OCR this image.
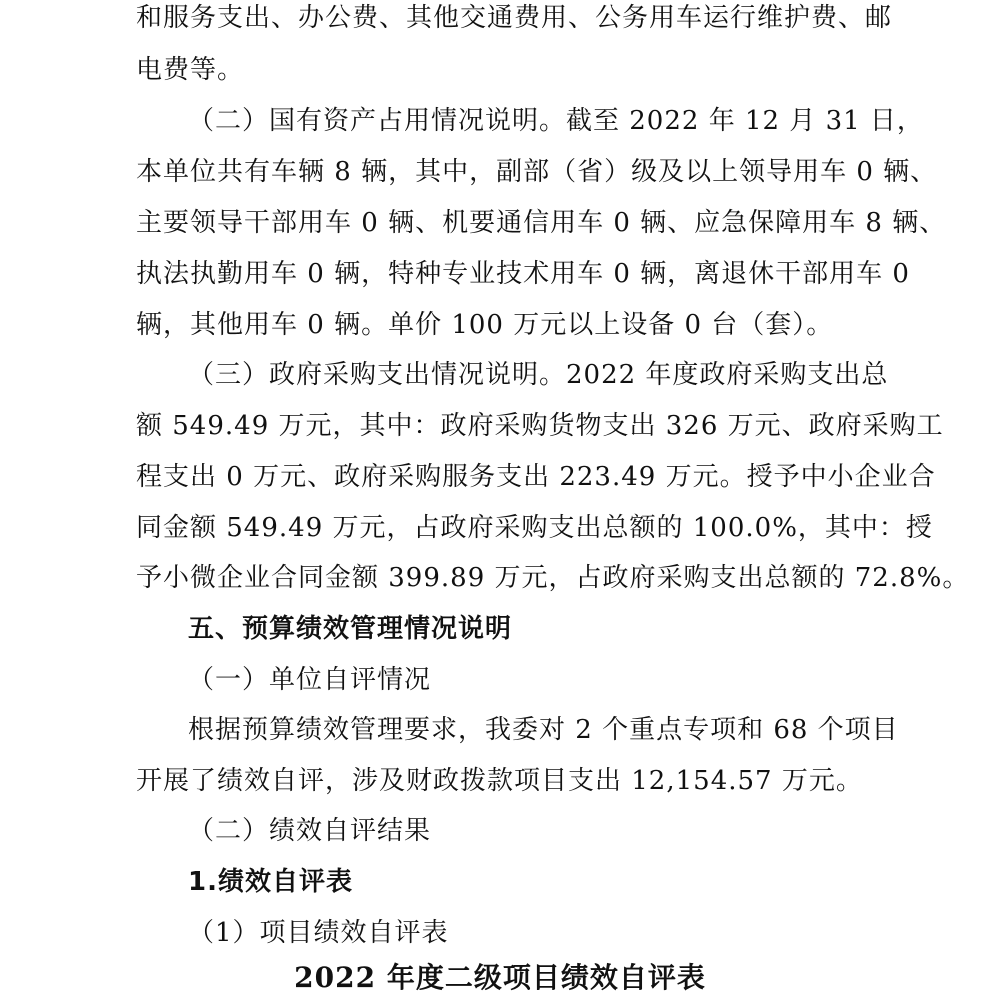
和服务支出、办公费、其他交通费用、公务用车运行维护费、邮
电费等。
（二）国有资产占用情况说明。截至 2022 年 12 月 31 日，
本单位共有车辆 8 辆，其中，副部（省）级及以上领导用车 0 辆、
主要领导干部用车 0 辆、机要通信用车 0 辆、应急保障用车 8 辆、
执法执勤用车 0 辆，特种专业技术用车 0 辆，离退休干部用车 0
辆，其他用车 0 辆。单价 100 万元以上设备 0 台（套）。
（三）政府采购支出情况说明。2022 年度政府采购支出总
额 549.49 万元，其中：政府采购货物支出 326 万元、政府采购工
程支出 0 万元、政府采购服务支出 223.49 万元。授予中小企业合
同金额 549.49 万元，占政府采购支出总额的 100.0%，其中：授
予小微企业合同金额 399.89 万元，占政府采购支出总额的 72.8%。
五、预算绩效管理情况说明
（一）单位自评情况
根据预算绩效管理要求，我委对 2 个重点专项和 68 个项目
开展了绩效自评，涉及财政拨款项目支出 12,154.57 万元。
（二）绩效自评结果
1.绩效自评表
（1）项目绩效自评表
2022 年度二级项目绩效自评表
